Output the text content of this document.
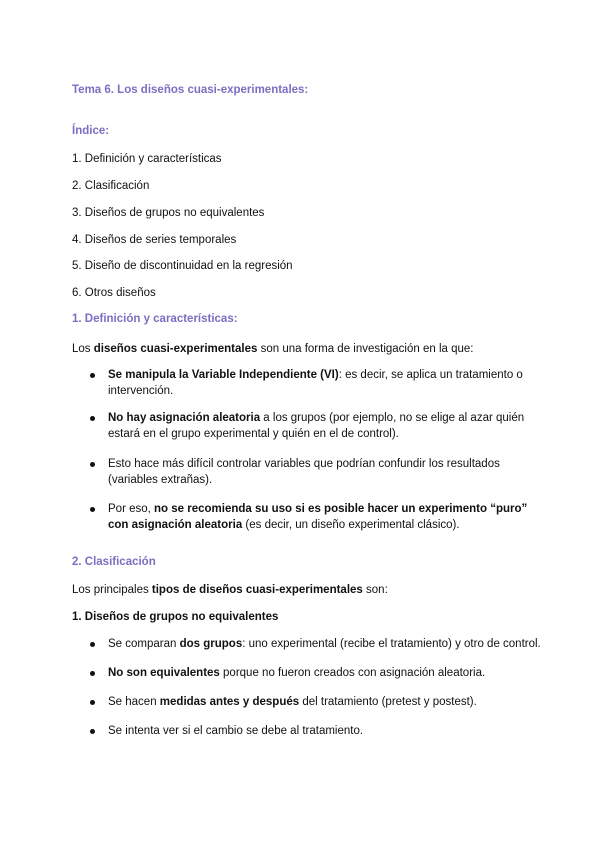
Tema 6. Los diseños cuasi-experimentales:
Índice:
1. Definición y características
2. Clasificación
3. Diseños de grupos no equivalentes
4. Diseños de series temporales
5. Diseño de discontinuidad en la regresión
6. Otros diseños
1. Definición y características:
Los diseños cuasi-experimentales son una forma de investigación en la que:
Se manipula la Variable Independiente (VI): es decir, se aplica un tratamiento o intervención.
No hay asignación aleatoria a los grupos (por ejemplo, no se elige al azar quién estará en el grupo experimental y quién en el de control).
Esto hace más difícil controlar variables que podrían confundir los resultados (variables extrañas).
Por eso, no se recomienda su uso si es posible hacer un experimento “puro” con asignación aleatoria (es decir, un diseño experimental clásico).
2. Clasificación
Los principales tipos de diseños cuasi-experimentales son:
1. Diseños de grupos no equivalentes
Se comparan dos grupos: uno experimental (recibe el tratamiento) y otro de control.
No son equivalentes porque no fueron creados con asignación aleatoria.
Se hacen medidas antes y después del tratamiento (pretest y postest).
Se intenta ver si el cambio se debe al tratamiento.
